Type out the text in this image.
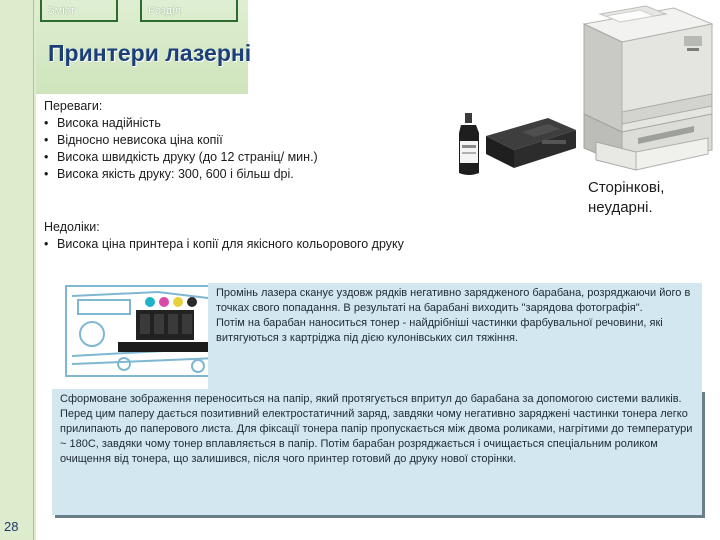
28
Зміст	Розділ
Принтери лазерні
Переваги:
• Висока надійність
• Відносно невисока ціна копії
• Висока швидкість друку (до 12 страніц/ мин.)
• Висока якість друку: 300, 600 і більш dpi.
Недоліки:
• Висока ціна принтера і копії для якісного кольорового друку
Сторінкові,
неударні.

Промінь лазера сканує уздовж рядків негативно зарядженого барабана, розряджаючи його в точках свого попадання. В результаті на барабані виходить "зарядова фотографія".
Потім на барабан наноситься тонер - найдрібніші частинки фарбувальної речовини, які витягуються з картріджа під дією кулонівських сил тяжіння.

Сформоване зображення переноситься на папір, який протягується впритул до барабана за допомогою системи валиків. Перед цим паперу дається позитивний електростатичний заряд, завдяки чому негативно заряджені частинки тонера легко прилипають до паперового листа. Для фіксації тонера папір пропускається між двома роликами, нагрітими до температури ~ 180С, завдяки чому тонер вплавляється в папір. Потім барабан розряджається і очищається спеціальним роликом очищення від тонера, що залишився, після чого принтер готовий до друку нової сторінки.
